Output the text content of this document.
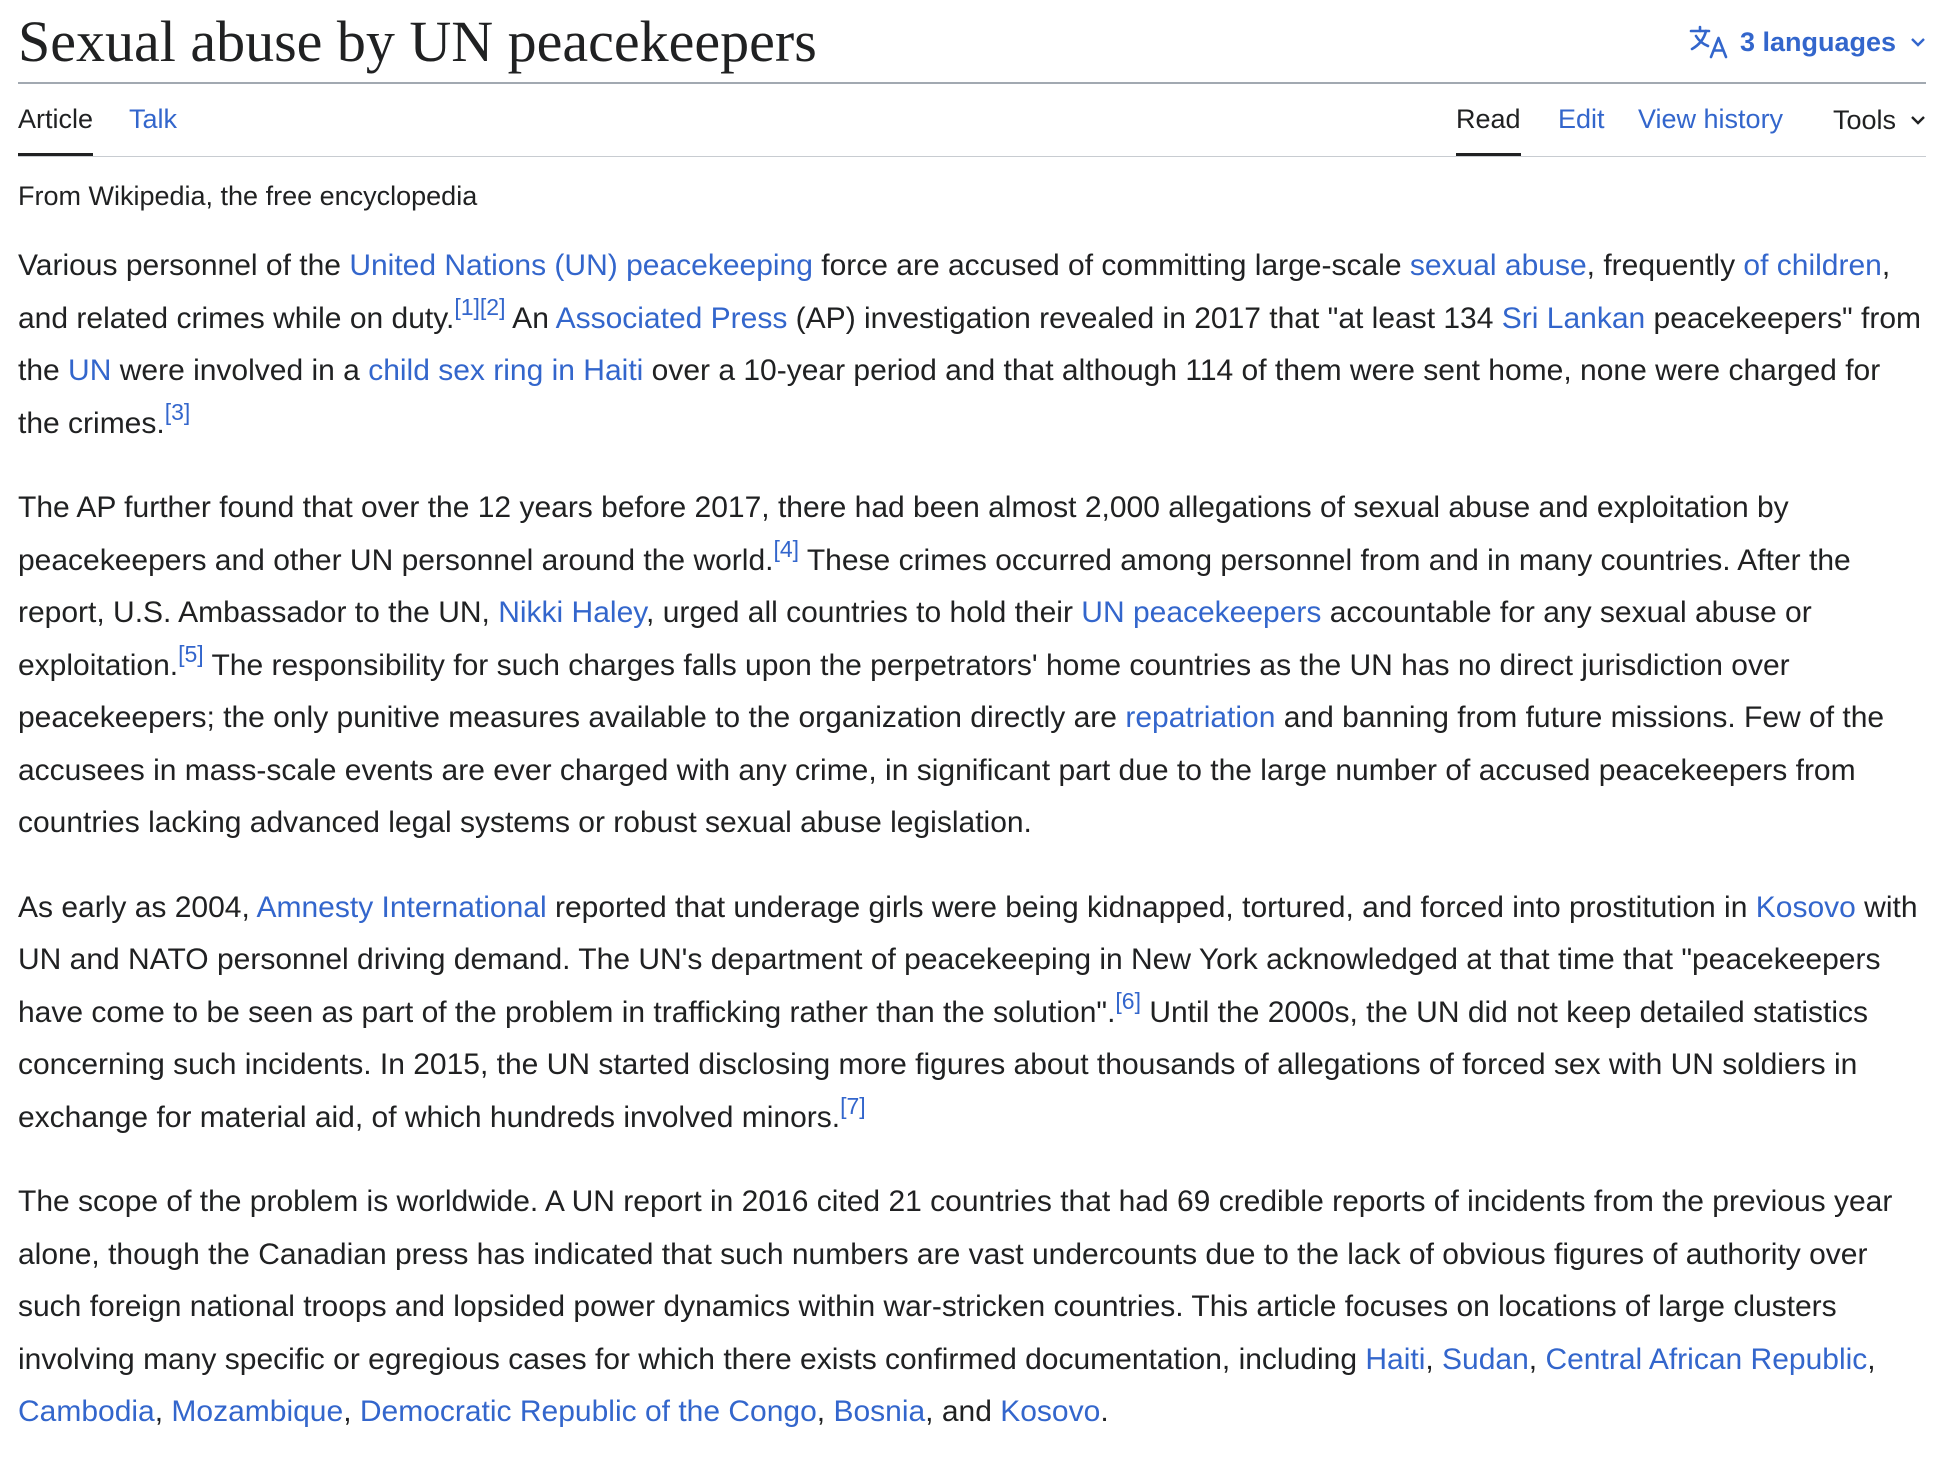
Sexual abuse by UN peacekeepers	3 languages
Article Talk	Read Edit View history Tools
From Wikipedia, the free encyclopedia

Various personnel of the United Nations (UN) peacekeeping force are accused of committing large-scale sexual abuse, frequently of children, and related crimes while on duty.[1][2] An Associated Press (AP) investigation revealed in 2017 that "at least 134 Sri Lankan peacekeepers" from the UN were involved in a child sex ring in Haiti over a 10-year period and that although 114 of them were sent home, none were charged for the crimes.[3]

The AP further found that over the 12 years before 2017, there had been almost 2,000 allegations of sexual abuse and exploitation by peacekeepers and other UN personnel around the world.[4] These crimes occurred among personnel from and in many countries. After the report, U.S. Ambassador to the UN, Nikki Haley, urged all countries to hold their UN peacekeepers accountable for any sexual abuse or exploitation.[5] The responsibility for such charges falls upon the perpetrators' home countries as the UN has no direct jurisdiction over peacekeepers; the only punitive measures available to the organization directly are repatriation and banning from future missions. Few of the accusees in mass-scale events are ever charged with any crime, in significant part due to the large number of accused peacekeepers from countries lacking advanced legal systems or robust sexual abuse legislation.

As early as 2004, Amnesty International reported that underage girls were being kidnapped, tortured, and forced into prostitution in Kosovo with UN and NATO personnel driving demand. The UN's department of peacekeeping in New York acknowledged at that time that "peacekeepers have come to be seen as part of the problem in trafficking rather than the solution".[6] Until the 2000s, the UN did not keep detailed statistics concerning such incidents. In 2015, the UN started disclosing more figures about thousands of allegations of forced sex with UN soldiers in exchange for material aid, of which hundreds involved minors.[7]

The scope of the problem is worldwide. A UN report in 2016 cited 21 countries that had 69 credible reports of incidents from the previous year alone, though the Canadian press has indicated that such numbers are vast undercounts due to the lack of obvious figures of authority over such foreign national troops and lopsided power dynamics within war-stricken countries. This article focuses on locations of large clusters involving many specific or egregious cases for which there exists confirmed documentation, including Haiti, Sudan, Central African Republic, Cambodia, Mozambique, Democratic Republic of the Congo, Bosnia, and Kosovo.
